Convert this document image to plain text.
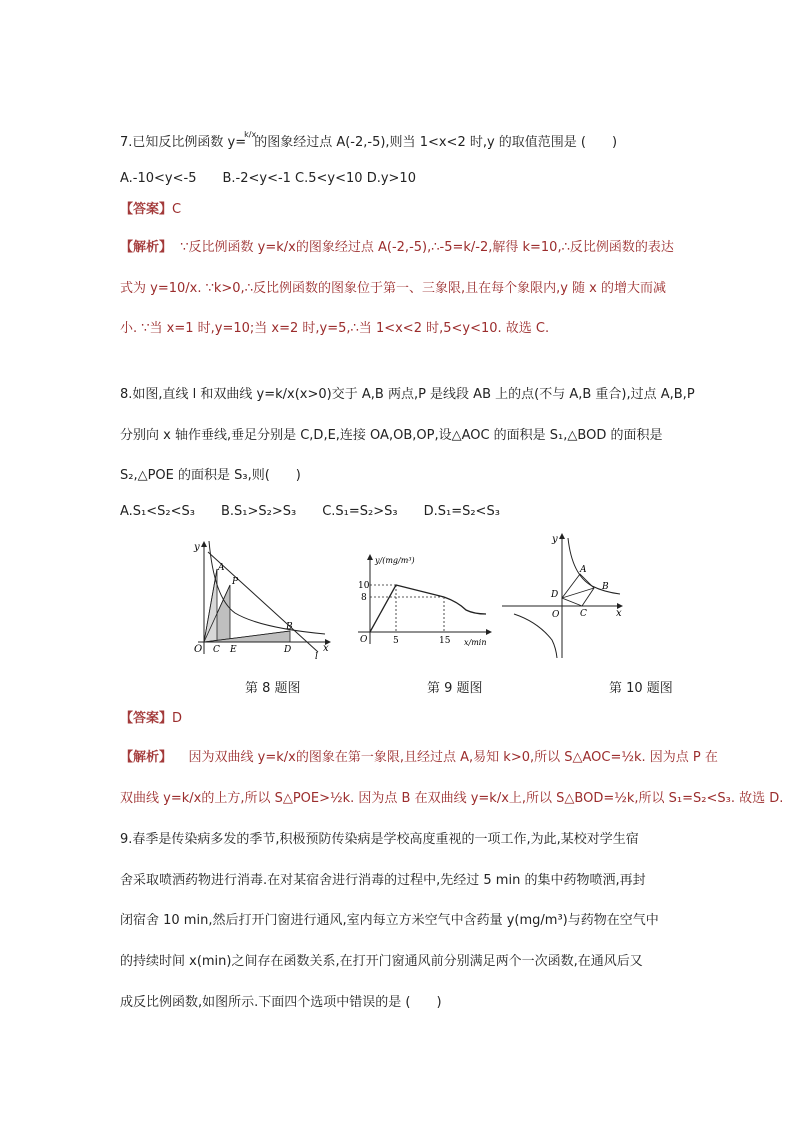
7.已知反比例函数 y=$^{k/x}$的图象经过点 A(-2,-5),则当 1<x<2 时,y 的取值范围是 (　　)
A.-10<y<-5　　B.-2<y<-1 C.5<y<10 D.y>10
【答案】C
【解析】 ∵反比例函数 y=k/x的图象经过点 A(-2,-5),∴-5=k/-2,解得 k=10,∴反比例函数的表达
式为 y=10/x. ∵k>0,∴反比例函数的图象位于第一、三象限,且在每个象限内,y 随 x 的增大而减
小. ∵当 x=1 时,y=10;当 x=2 时,y=5,∴当 1<x<2 时,5<y<10. 故选 C.
8.如图,直线 l 和双曲线 y=k/x(x>0)交于 A,B 两点,P 是线段 AB 上的点(不与 A,B 重合),过点 A,B,P
分别向 x 轴作垂线,垂足分别是 C,D,E,连接 OA,OB,OP,设△AOC 的面积是 S₁,△BOD 的面积是
S₂,△POE 的面积是 S₃,则(　　)
A.S₁<S₂<S₃　　B.S₁>S₂>S₃　　C.S₁=S₂>S₃　　D.S₁=S₂<S₃
y
x
O
A
P
B
C E	D
l
第 8 题图
y/(mg/m³)
x/min
O
10
8
5	15
第 9 题图
y
x
O
A
B
C
D
第 10 题图
【答案】D
【解析】 因为双曲线 y=k/x的图象在第一象限,且经过点 A,易知 k>0,所以 S△AOC=½k. 因为点 P 在
双曲线 y=k/x的上方,所以 S△POE>½k. 因为点 B 在双曲线 y=k/x上,所以 S△BOD=½k,所以 S₁=S₂<S₃. 故选 D.
9.春季是传染病多发的季节,积极预防传染病是学校高度重视的一项工作,为此,某校对学生宿
舍采取喷洒药物进行消毒.在对某宿舍进行消毒的过程中,先经过 5 min 的集中药物喷洒,再封
闭宿舍 10 min,然后打开门窗进行通风,室内每立方米空气中含药量 y(mg/m³)与药物在空气中
的持续时间 x(min)之间存在函数关系,在打开门窗通风前分别满足两个一次函数,在通风后又
成反比例函数,如图所示.下面四个选项中错误的是 (　　)
